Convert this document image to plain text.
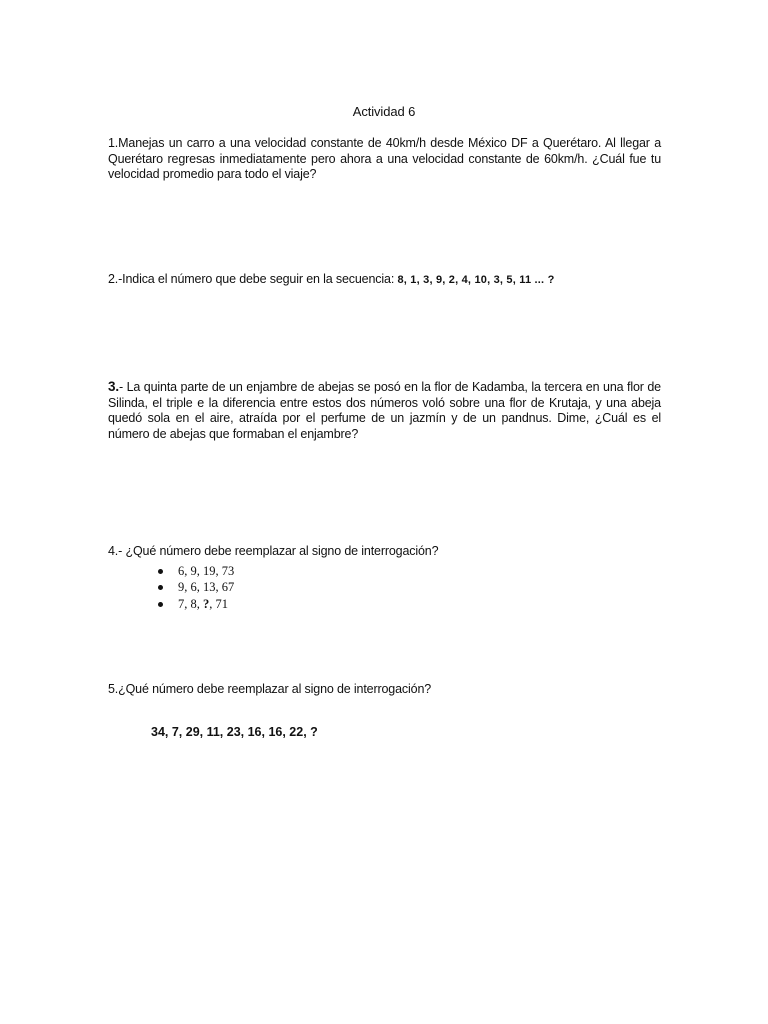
Actividad 6
1.Manejas un carro a una velocidad constante de 40km/h desde México DF a Querétaro. Al llegar a Querétaro regresas inmediatamente pero ahora a una velocidad constante de 60km/h. ¿Cuál fue tu velocidad promedio para todo el viaje?
2.-Indica el número que debe seguir en la secuencia: 8, 1, 3, 9, 2, 4, 10, 3, 5, 11 ... ?
3.- La quinta parte de un enjambre de abejas se posó en la flor de Kadamba, la tercera en una flor de Silinda, el triple e la diferencia entre estos dos números voló sobre una flor de Krutaja, y una abeja quedó sola en el aire, atraída por el perfume de un jazmín y de un pandnus. Dime, ¿Cuál es el número de abejas que formaban el enjambre?
4.- ¿Qué número debe reemplazar al signo de interrogación?
6, 9, 19, 73
9, 6, 13, 67
7, 8, ?, 71
5.¿Qué número debe reemplazar al signo de interrogación?
34, 7, 29, 11, 23, 16, 16, 22, ?
